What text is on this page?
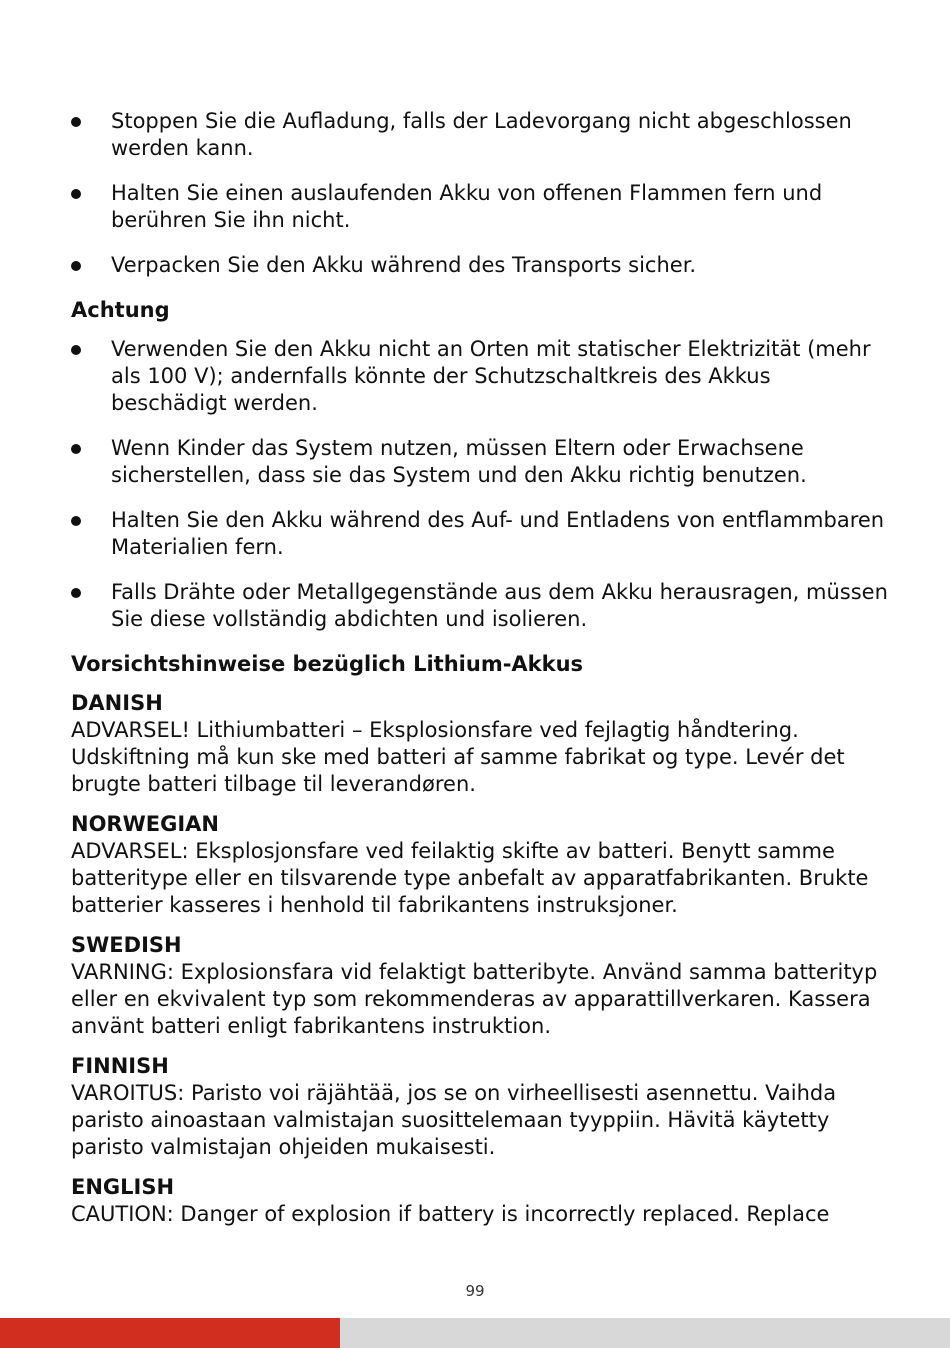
Stoppen Sie die Aufladung, falls der Ladevorgang nicht abgeschlossen werden kann.
Halten Sie einen auslaufenden Akku von offenen Flammen fern und berühren Sie ihn nicht.
Verpacken Sie den Akku während des Transports sicher.
Achtung
Verwenden Sie den Akku nicht an Orten mit statischer Elektrizität (mehr als 100 V); andernfalls könnte der Schutzschaltkreis des Akkus beschädigt werden.
Wenn Kinder das System nutzen, müssen Eltern oder Erwachsene sicherstellen, dass sie das System und den Akku richtig benutzen.
Halten Sie den Akku während des Auf- und Entladens von entflammbaren Materialien fern.
Falls Drähte oder Metallgegenstände aus dem Akku herausragen, müssen Sie diese vollständig abdichten und isolieren.
Vorsichtshinweise bezüglich Lithium-Akkus
DANISH
ADVARSEL! Lithiumbatteri – Eksplosionsfare ved fejlagtig håndtering. Udskiftning må kun ske med batteri af samme fabrikat og type. Levér det brugte batteri tilbage til leverandøren.
NORWEGIAN
ADVARSEL: Eksplosjonsfare ved feilaktig skifte av batteri. Benytt samme batteritype eller en tilsvarende type anbefalt av apparatfabrikanten. Brukte batterier kasseres i henhold til fabrikantens instruksjoner.
SWEDISH
VARNING: Explosionsfara vid felaktigt batteribyte. Använd samma batterityp eller en ekvivalent typ som rekommenderas av apparattillverkaren. Kassera använt batteri enligt fabrikantens instruktion.
FINNISH
VAROITUS: Paristo voi räjähtää, jos se on virheellisesti asennettu. Vaihda paristo ainoastaan valmistajan suosittelemaan tyyppiin. Hävitä käytetty paristo valmistajan ohjeiden mukaisesti.
ENGLISH
CAUTION: Danger of explosion if battery is incorrectly replaced. Replace
99
